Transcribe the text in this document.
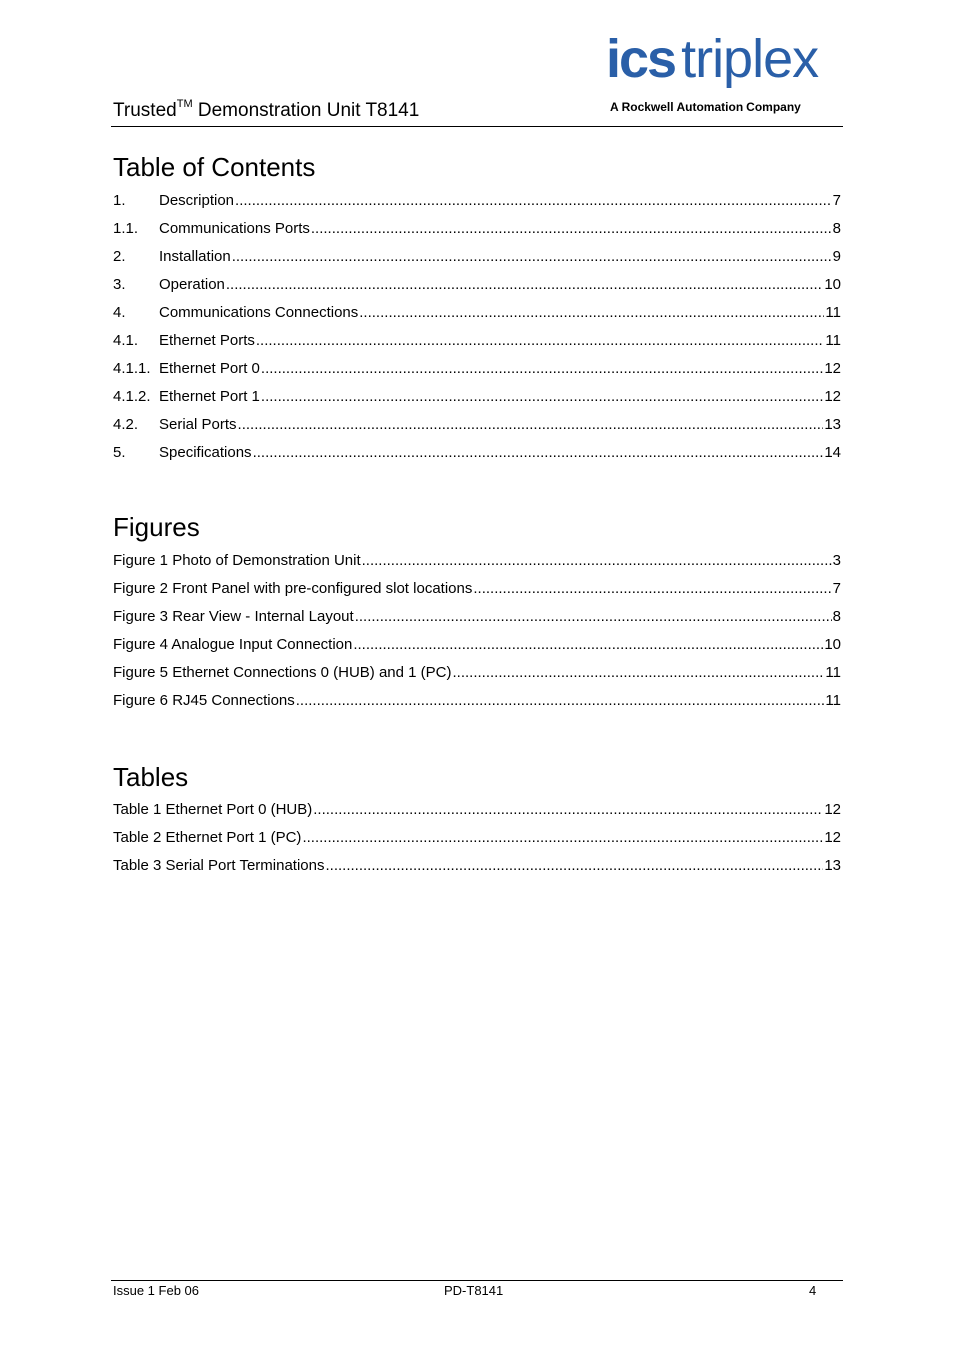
Trusted™ Demonstration Unit T8141
ics triplex
A Rockwell Automation Company
Table of Contents
1.	Description .....	7
1.1.	Communications Ports .....	8
2.	Installation .....	9
3.	Operation .....	10
4.	Communications Connections .....	11
4.1.	Ethernet Ports .....	11
4.1.1. Ethernet Port 0 .....	12
4.1.2. Ethernet Port 1 .....	12
4.2.	Serial Ports .....	13
5.	Specifications .....	14
Figures
Figure 1 Photo of Demonstration Unit .....	3
Figure 2 Front Panel with pre-configured slot locations .....	7
Figure 3 Rear View - Internal Layout .....	8
Figure 4 Analogue Input Connection .....	10
Figure 5 Ethernet Connections 0 (HUB) and 1 (PC) .....	11
Figure 6 RJ45 Connections .....	11
Tables
Table 1 Ethernet Port 0 (HUB) .....	12
Table 2 Ethernet Port 1 (PC) .....	12
Table 3 Serial Port Terminations .....	13
Issue 1 Feb 06	PD-T8141	4
